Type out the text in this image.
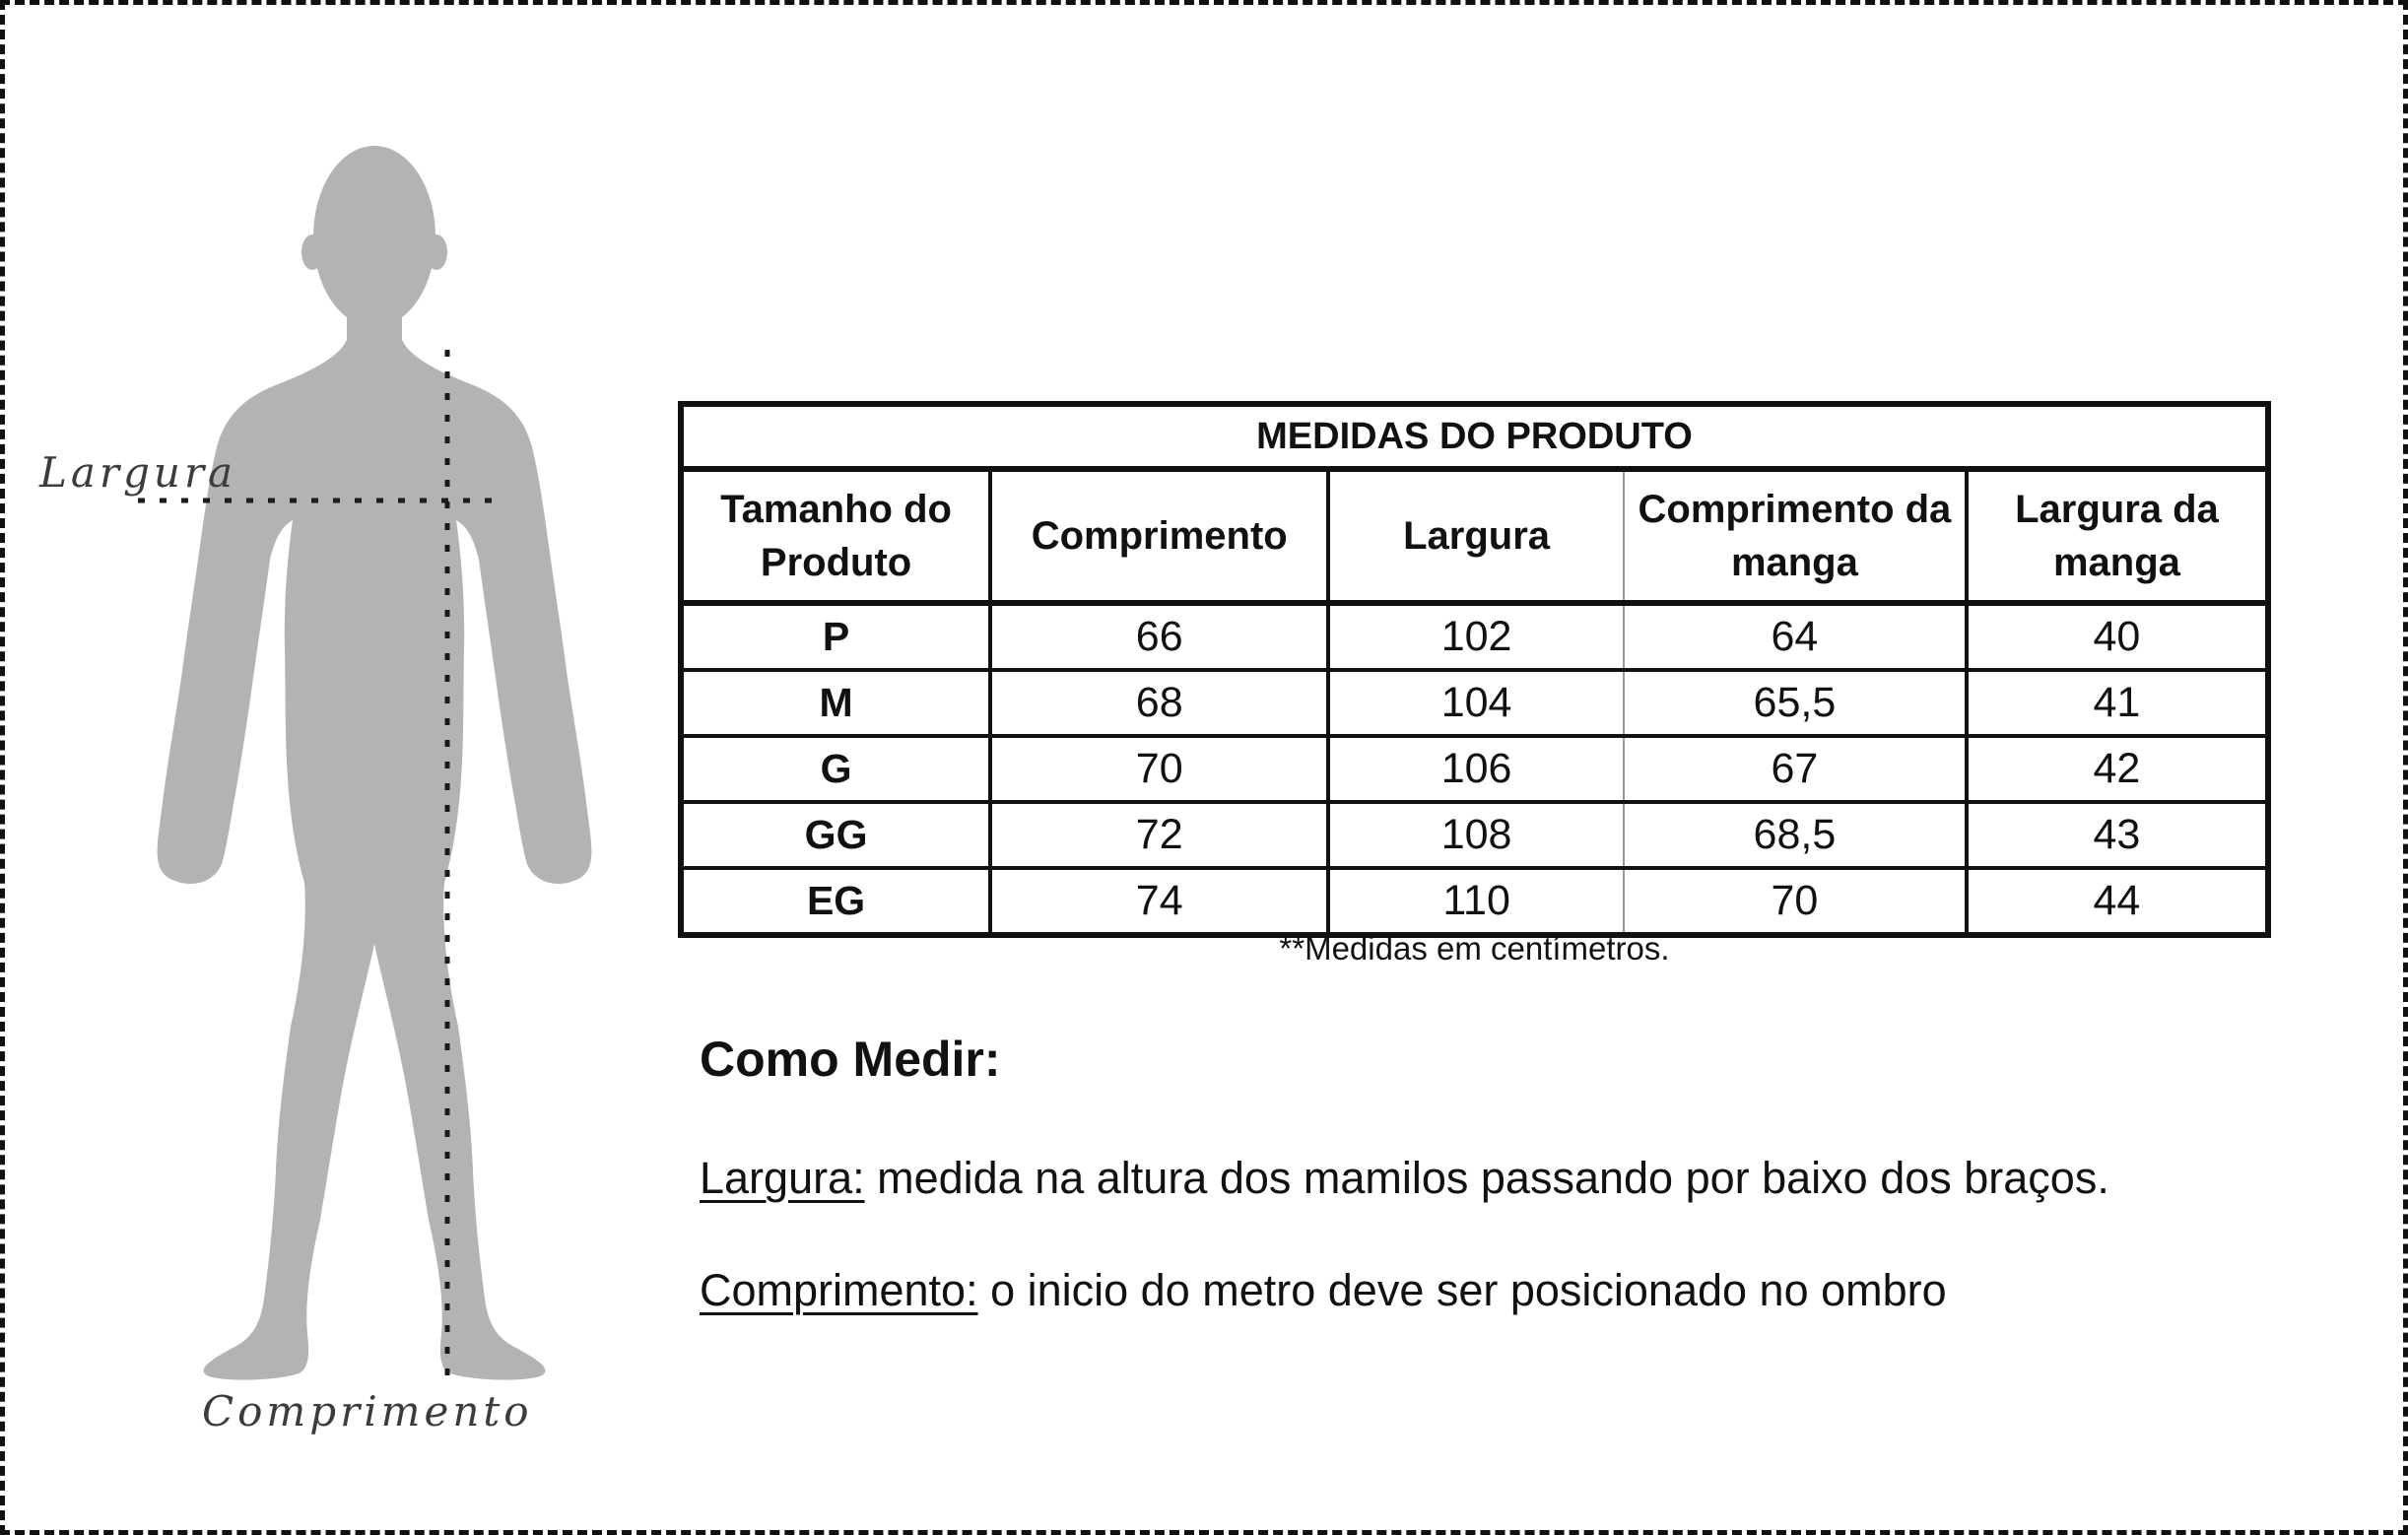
Largura
Comprimento
MEDIDAS DO PRODUTO				
Tamanho do Produto	Comprimento	Largura	Comprimento da manga	Largura da manga
P	66	102	64	40
M	68	104	65,5	41
G	70	106	67	42
GG	72	108	68,5	43
EG	74	110	70	44
**Medidas em centímetros.
Como Medir:
Largura: medida na altura dos mamilos passando por baixo dos braços.
Comprimento: o inicio do metro deve ser posicionado no ombro
